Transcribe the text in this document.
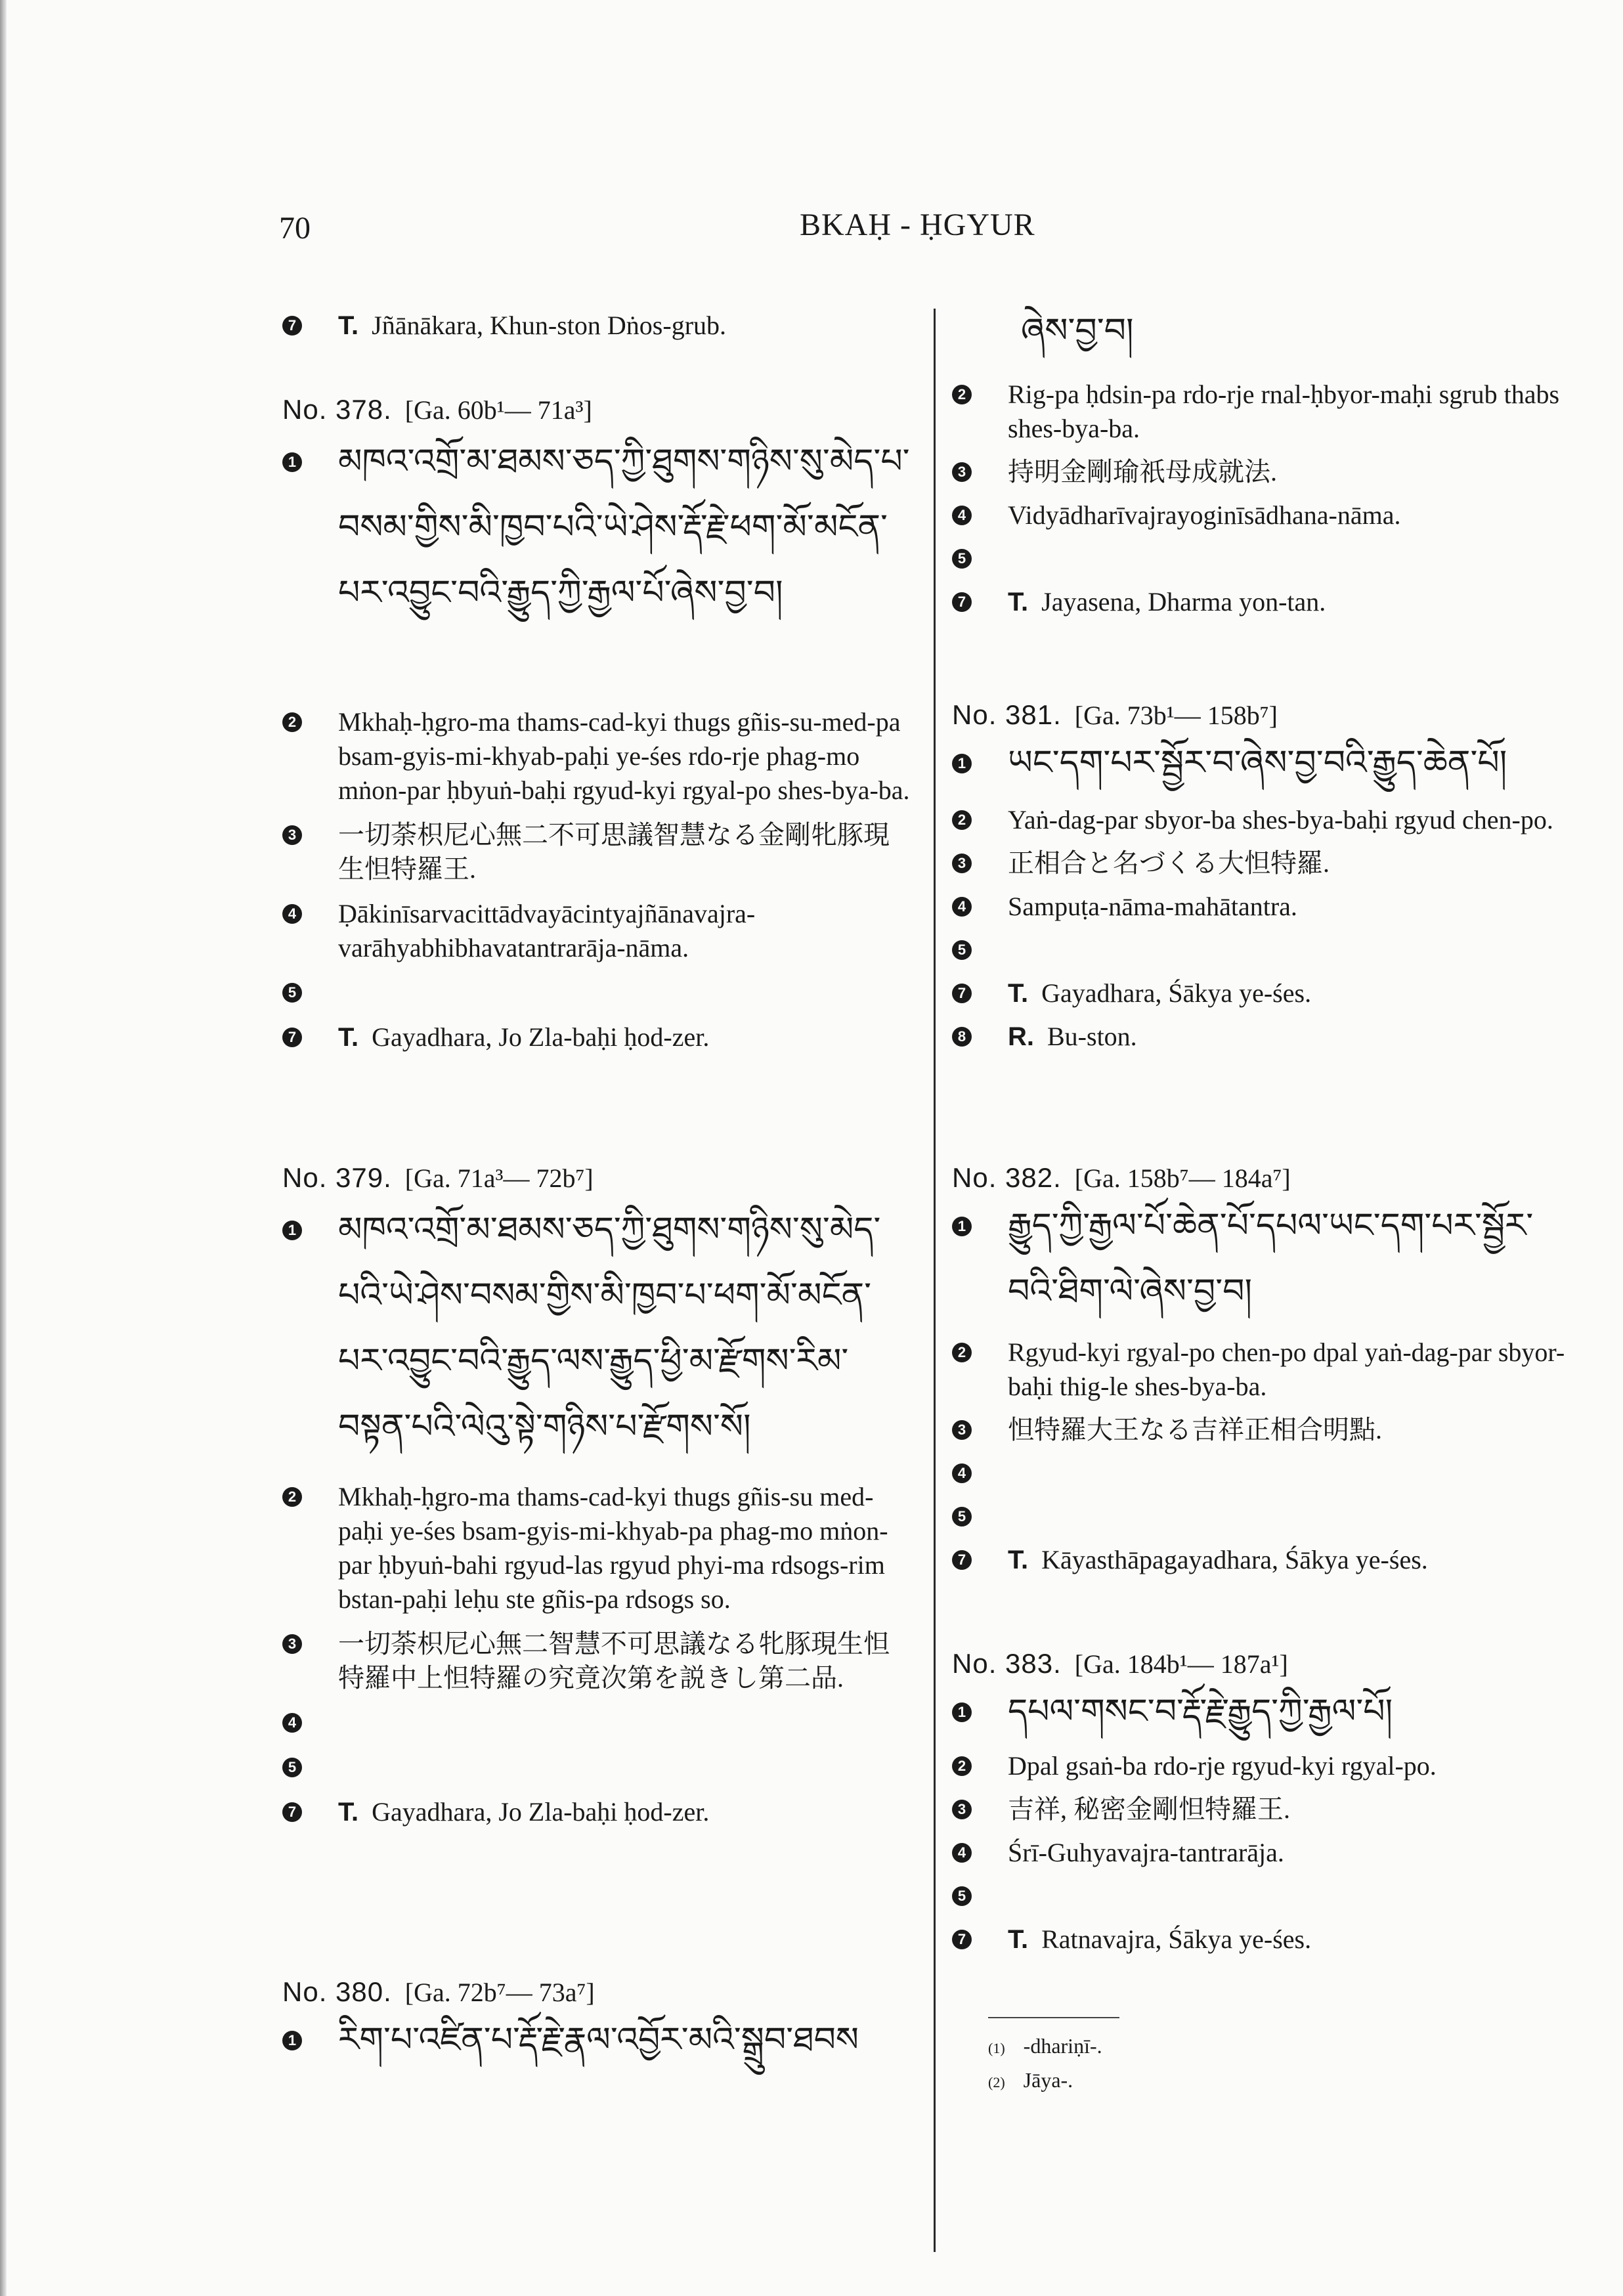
70	BKAḤ - ḤGYUR
7 T. Jñānākara, Khun-ston Dṅos-grub.
No. 378. [Ga. 60b¹— 71a³]
1 མཁའ་འགྲོ་མ་ཐམས་ཅད་ཀྱི་ཐུགས་གཉིས་སུ་མེད་པ་བསམ་གྱིས་མི་ཁྱབ་པའི་ཡེ་ཤེས་རྡོ་རྗེ་ཕག་མོ་མངོན་པར་འབྱུང་བའི་རྒྱུད་ཀྱི་རྒྱལ་པོ་ཞེས་བྱ་བ།
2 Mkhaḥ-ḥgro-ma thams-cad-kyi thugs gñis-su-med-pa bsam-gyis-mi-khyab-paḥi ye-śes rdo-rje phag-mo mṅon-par ḥbyuṅ-baḥi rgyud-kyi rgyal-po shes-bya-ba.
3 一切荼枳尼心無二不可思議智慧なる金剛牝豚現生怛特羅王.
4 Ḍākinīsarvacittādvayācintyajñānavajra-varāhyabhibhavatantrarāja-nāma.
5
7 T. Gayadhara, Jo Zla-baḥi ḥod-zer.
No. 379. [Ga. 71a³— 72b⁷]
1 མཁའ་འགྲོ་མ་ཐམས་ཅད་ཀྱི་ཐུགས་གཉིས་སུ་མེད་པའི་ཡེ་ཤེས་བསམ་གྱིས་མི་ཁྱབ་པ་ཕག་མོ་མངོན་པར་འབྱུང་བའི་རྒྱུད་ལས་རྒྱུད་ཕྱི་མ་རྫོགས་རིམ་བསྟན་པའི་ལེའུ་སྟེ་གཉིས་པ་རྫོགས་སོ།
2 Mkhaḥ-ḥgro-ma thams-cad-kyi thugs gñis-su med-paḥi ye-śes bsam-gyis-mi-khyab-pa phag-mo mṅon-par ḥbyuṅ-bahi rgyud-las rgyud phyi-ma rdsogs-rim bstan-paḥi leḥu ste gñis-pa rdsogs so.
3 一切荼枳尼心無二智慧不可思議なる牝豚現生怛特羅中上怛特羅の究竟次第を説きし第二品.
4
5
7 T. Gayadhara, Jo Zla-baḥi ḥod-zer.
No. 380. [Ga. 72b⁷— 73a⁷]
1 རིག་པ་འཛིན་པ་རྡོ་རྗེ་རྣལ་འབྱོར་མའི་སྒྲུབ་ཐབས
ཞེས་བྱ་བ།
2 Rig-pa ḥdsin-pa rdo-rje rnal-ḥbyor-maḥi sgrub thabs shes-bya-ba.
3 持明金剛瑜祇母成就法.
4 Vidyādharīvajrayoginīsādhana-nāma.
5
7 T. Jayasena, Dharma yon-tan.
No. 381. [Ga. 73b¹— 158b⁷]
1 ཡང་དག་པར་སྦྱོར་བ་ཞེས་བྱ་བའི་རྒྱུད་ཆེན་པོ།
2 Yaṅ-dag-par sbyor-ba shes-bya-baḥi rgyud chen-po.
3 正相合と名づくる大怛特羅.
4 Sampuṭa-nāma-mahātantra.
5
7 T. Gayadhara, Śākya ye-śes.
8 R. Bu-ston.
No. 382. [Ga. 158b⁷— 184a⁷]
1 རྒྱུད་ཀྱི་རྒྱལ་པོ་ཆེན་པོ་དཔལ་ཡང་དག་པར་སྦྱོར་བའི་ཐིག་ལེ་ཞེས་བྱ་བ།
2 Rgyud-kyi rgyal-po chen-po dpal yaṅ-dag-par sbyor-baḥi thig-le shes-bya-ba.
3 怛特羅大王なる吉祥正相合明點.
4
5
7 T. Kāyasthāpagayadhara, Śākya ye-śes.
No. 383. [Ga. 184b¹— 187a¹]
1 དཔལ་གསང་བ་རྡོ་རྗེ་རྒྱུད་ཀྱི་རྒྱལ་པོ།
2 Dpal gsaṅ-ba rdo-rje rgyud-kyi rgyal-po.
3 吉祥, 秘密金剛怛特羅王.
4 Śrī-Guhyavajra-tantrarāja.
5
7 T. Ratnavajra, Śākya ye-śes.
(1) -dhariṇī-.
(2) Jāya-.
